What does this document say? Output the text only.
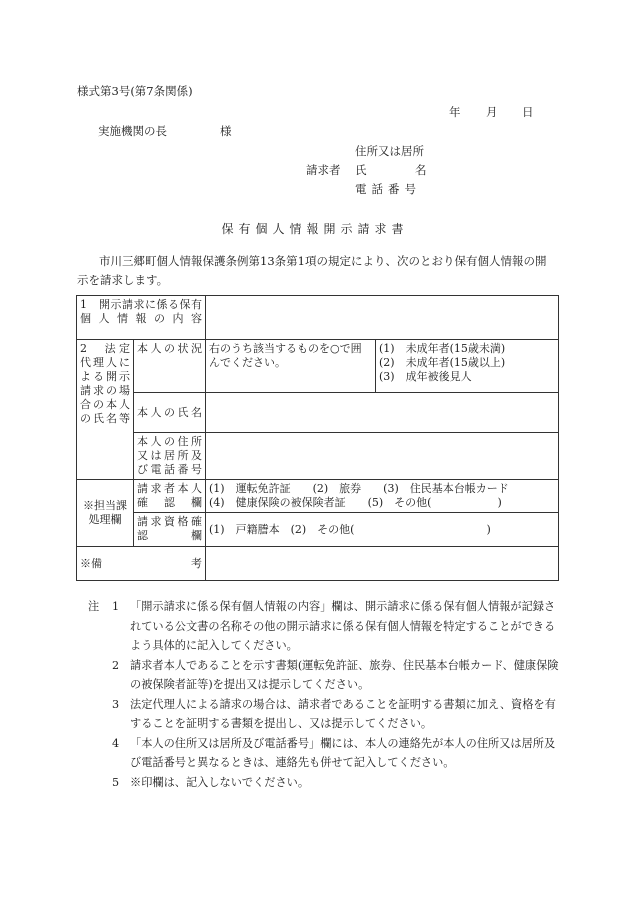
様式第3号(第7条関係)
年 月 日
実施機関の長	様
住所又は居所
請求者 氏	名
電話番号
保有個人情報開示請求書
市川三郷町個人情報保護条例第13条第1項の規定により、次のとおり保有個人情報の開示を請求します。
1　開示請求に係る保有個人情報の内容			
2　法定代理人による開示請求の場合の本人の氏名等	本人の状況	右のうち該当するものを○で囲んでください。	(1)　未成年者(15歳未満)
(2)　未成年者(15歳以上)
(3)　成年被後見人

	本人の氏名		
	本人の住所又は居所及び電話番号		
※担当課処理欄	請求者本人確認欄	(1)　運転免許証　　(2)　旅券　　(3)　住民基本台帳カード
(4)　健康保険の被保険者証　　(5)　その他(　　　　　　)	

	請求資格確認欄	(1)　戸籍謄本　(2)　その他(　　　　　　　　　　　　)	
※備 考			

注 1 「開示請求に係る保有個人情報の内容」欄は、開示請求に係る保有個人情報が記録されている公文書の名称その他の開示請求に係る保有個人情報を特定することができるよう具体的に記入してください。
2 請求者本人であることを示す書類(運転免許証、旅券、住民基本台帳カード、健康保険の被保険者証等)を提出又は提示してください。
3 法定代理人による請求の場合は、請求者であることを証明する書類に加え、資格を有することを証明する書類を提出し、又は提示してください。
4 「本人の住所又は居所及び電話番号」欄には、本人の連絡先が本人の住所又は居所及び電話番号と異なるときは、連絡先も併せて記入してください。
5 ※印欄は、記入しないでください。
